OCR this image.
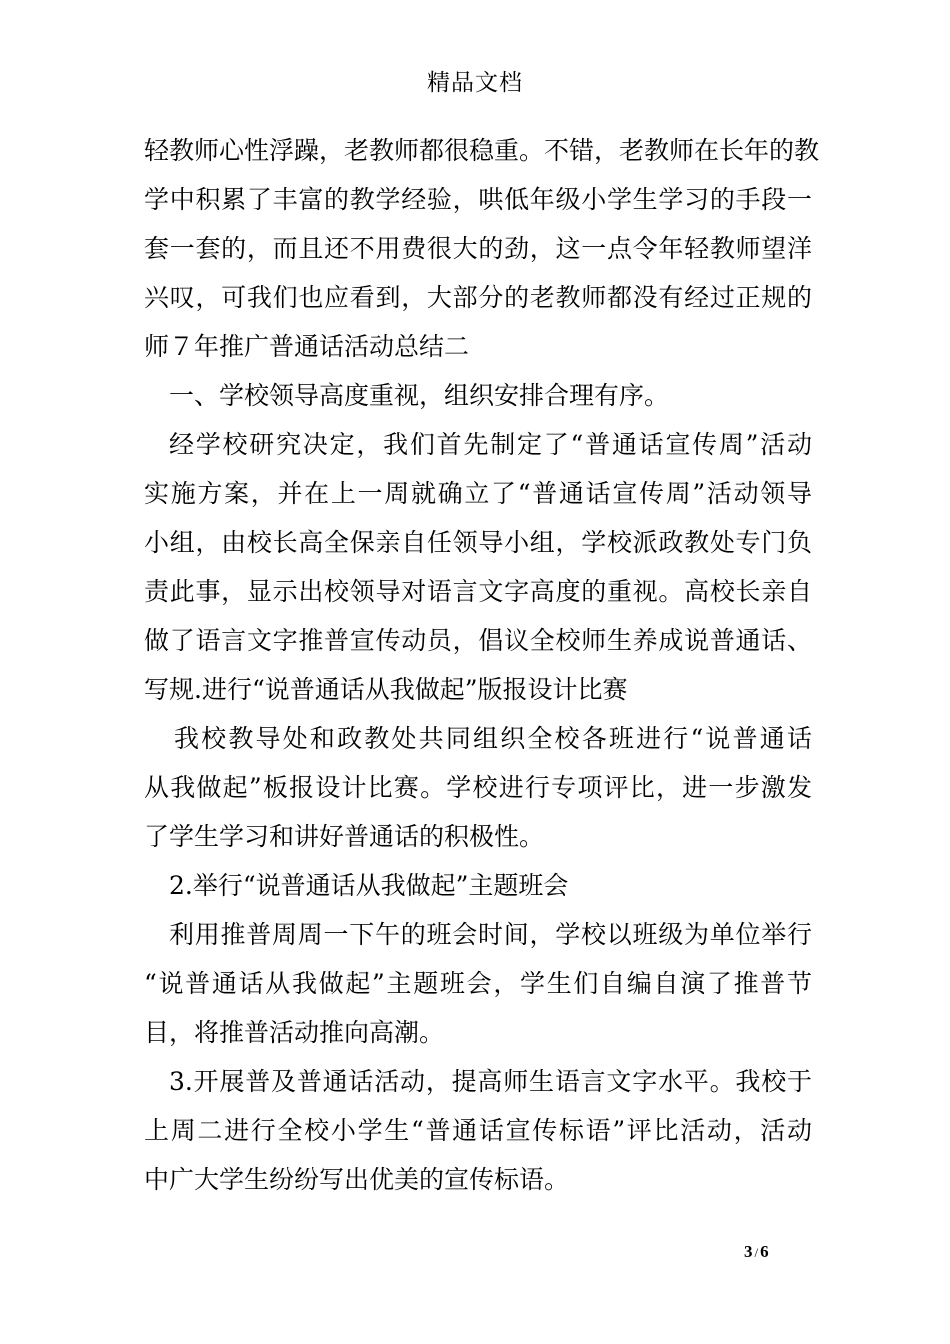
精品文档

轻教师心性浮躁，老教师都很稳重。不错，老教师在长年的教
学中积累了丰富的教学经验，哄低年级小学生学习的手段一
套一套的，而且还不用费很大的劲，这一点令年轻教师望洋
兴叹，可我们也应看到，大部分的老教师都没有经过正规的
师７年推广普通话活动总结二

一、学校领导高度重视，组织安排合理有序。

经学校研究决定，我们首先制定了“普通话宣传周”活动
实施方案，并在上一周就确立了“普通话宣传周”活动领导
小组，由校长高全保亲自任领导小组，学校派政教处专门负
责此事，显示出校领导对语言文字高度的重视。高校长亲自
做了语言文字推普宣传动员，倡议全校师生养成说普通话、
写规.进行“说普通话从我做起”版报设计比赛

我校教导处和政教处共同组织全校各班进行“说普通话
从我做起”板报设计比赛。学校进行专项评比，进一步激发
了学生学习和讲好普通话的积极性。

2.举行“说普通话从我做起”主题班会

利用推普周周一下午的班会时间，学校以班级为单位举行
“说普通话从我做起”主题班会，学生们自编自演了推普节
目，将推普活动推向高潮。

3.开展普及普通话活动，提高师生语言文字水平。我校于
上周二进行全校小学生“普通话宣传标语”评比活动，活动
中广大学生纷纷写出优美的宣传标语。

3 / 6
